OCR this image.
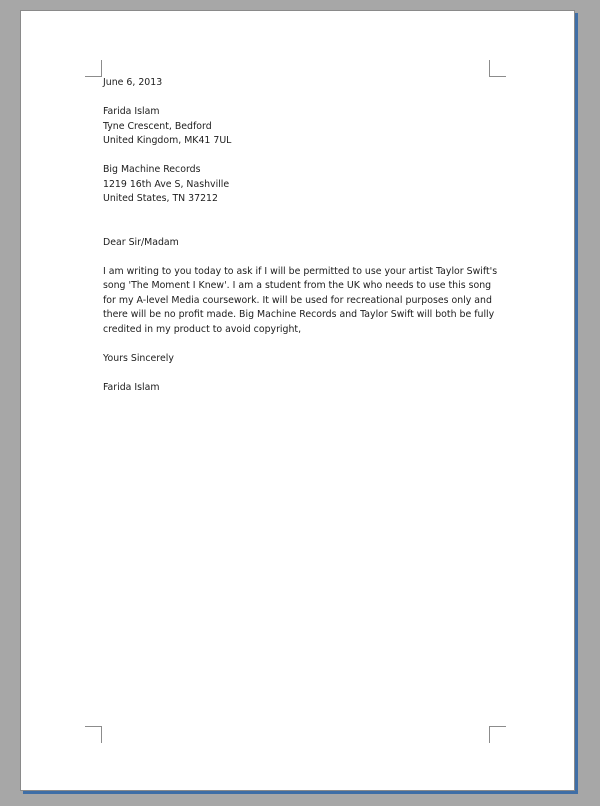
June 6, 2013
Farida Islam
Tyne Crescent, Bedford
United Kingdom, MK41 7UL
Big Machine Records
1219 16th Ave S, Nashville
United States, TN 37212
Dear Sir/Madam
I am writing to you today to ask if I will be permitted to use your artist Taylor Swift's
song 'The Moment I Knew'. I am a student from the UK who needs to use this song
for my A-level Media coursework. It will be used for recreational purposes only and
there will be no profit made. Big Machine Records and Taylor Swift will both be fully
credited in my product to avoid copyright,
Yours Sincerely
Farida Islam
